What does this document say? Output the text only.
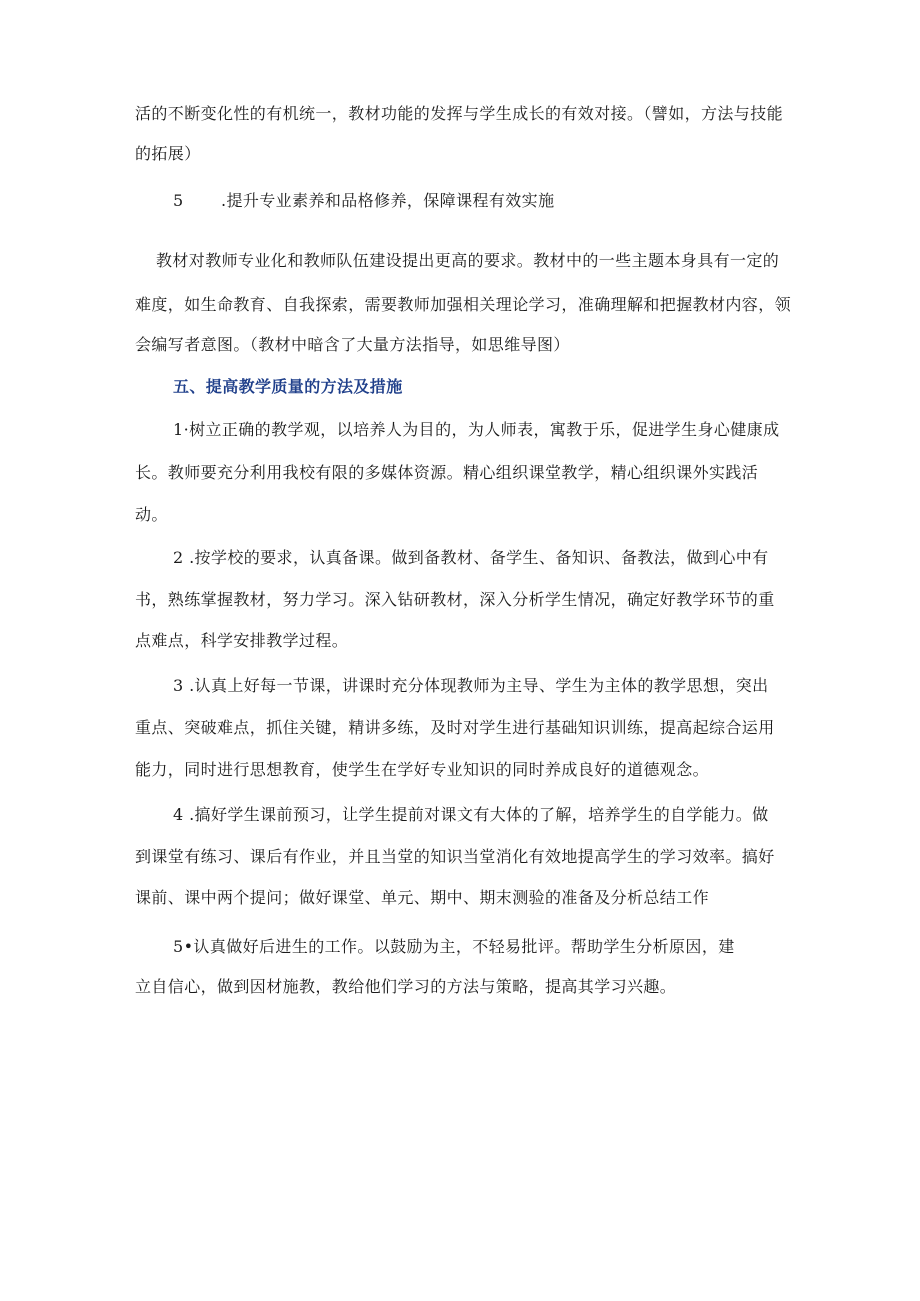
活的不断变化性的有机统一，教材功能的发挥与学生成长的有效对接。（譬如，方法与技能
的拓展）
5 .提升专业素养和品格修养，保障课程有效实施
教材对教师专业化和教师队伍建设提出更高的要求。教材中的一些主题本身具有一定的
难度，如生命教育、自我探索，需要教师加强相关理论学习，准确理解和把握教材内容，领
会编写者意图。（教材中暗含了大量方法指导，如思维导图）
五、提高教学质量的方法及措施
1·树立正确的教学观，以培养人为目的，为人师表，寓教于乐，促进学生身心健康成
长。教师要充分利用我校有限的多媒体资源。精心组织课堂教学，精心组织课外实践活
动。
2 .按学校的要求，认真备课。做到备教材、备学生、备知识、备教法，做到心中有
书，熟练掌握教材，努力学习。深入钻研教材，深入分析学生情况，确定好教学环节的重
点难点，科学安排教学过程。
3 .认真上好每一节课，讲课时充分体现教师为主导、学生为主体的教学思想，突出
重点、突破难点，抓住关键，精讲多练，及时对学生进行基础知识训练，提高起综合运用
能力，同时进行思想教育，使学生在学好专业知识的同时养成良好的道德观念。
4 .搞好学生课前预习，让学生提前对课文有大体的了解，培养学生的自学能力。做
到课堂有练习、课后有作业，并且当堂的知识当堂消化有效地提高学生的学习效率。搞好
课前、课中两个提问；做好课堂、单元、期中、期末测验的准备及分析总结工作
5•认真做好后进生的工作。以鼓励为主，不轻易批评。帮助学生分析原因，建
立自信心，做到因材施教，教给他们学习的方法与策略，提高其学习兴趣。
